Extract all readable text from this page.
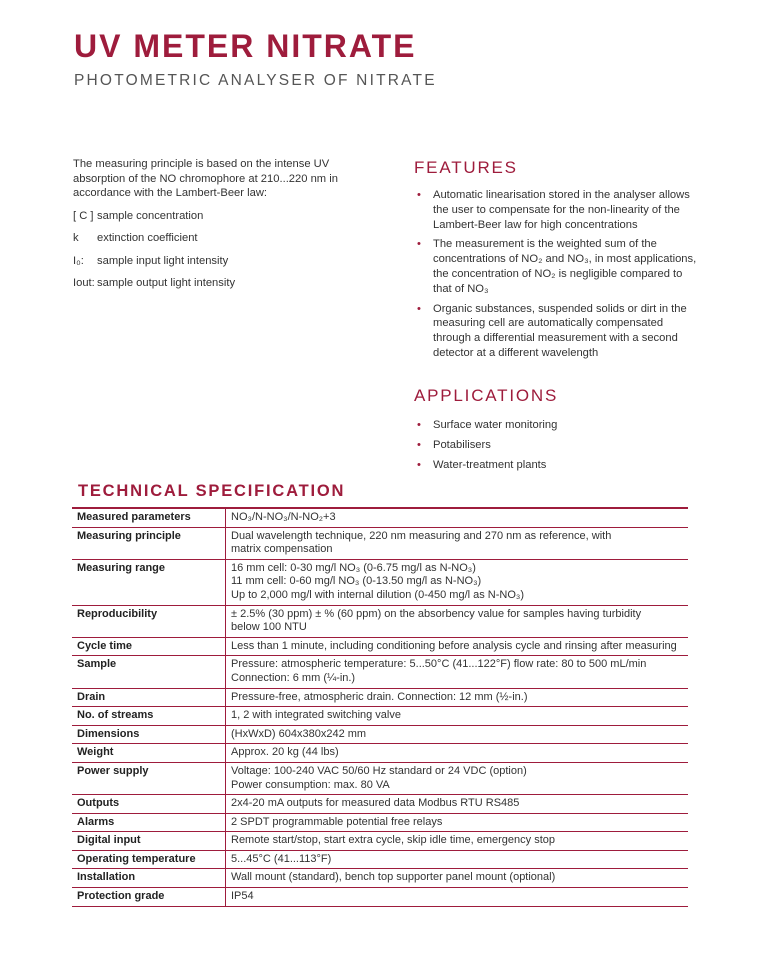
UV METER NITRATE
PHOTOMETRIC ANALYSER OF NITRATE

The measuring principle is based on the intense UV absorption of the NO chromophore at 210...220 nm in accordance with the Lambert-Beer law:

[ C ] sample concentration
k	extinction coefficient
I₀:	sample input light intensity
Iout: sample output light intensity
FEATURES
• Automatic linearisation stored in the analyser allows the user to compensate for the non-linearity of the Lambert-Beer law for high concentrations
• The measurement is the weighted sum of the concentrations of NO₂ and NO₃, in most applications, the concentration of NO₂ is negligible compared to that of NO₃
• Organic substances, suspended solids or dirt in the measuring cell are automatically compensated through a differential measurement with a second detector at a different wavelength
APPLICATIONS
• Surface water monitoring
• Potabilisers
• Water-treatment plants
TECHNICAL SPECIFICATION
Measured parameters	NO₃/N-NO₃/N-NO₂+3

Measuring principle	Dual wavelength technique, 220 nm measuring and 270 nm as reference, with
matrix compensation

Measuring range	16 mm cell: 0-30 mg/l NO₃ (0-6.75 mg/l as N-NO₃)
11 mm cell: 0-60 mg/l NO₃ (0-13.50 mg/l as N-NO₃)
Up to 2,000 mg/l with internal dilution (0-450 mg/l as N-NO₃)

Reproducibility	± 2.5% (30 ppm) ± % (60 ppm) on the absorbency value for samples having turbidity
below 100 NTU

Cycle time	Less than 1 minute, including conditioning before analysis cycle and rinsing after measuring

Sample	Pressure: atmospheric temperature: 5...50°C (41...122°F) flow rate: 80 to 500 mL/min
Connection: 6 mm (¼-in.)

Drain	Pressure-free, atmospheric drain. Connection: 12 mm (½-in.)

No. of streams	1, 2 with integrated switching valve

Dimensions	(HxWxD) 604x380x242 mm

Weight	Approx. 20 kg (44 lbs)

Power supply	Voltage: 100-240 VAC 50/60 Hz standard or 24 VDC (option)
Power consumption: max. 80 VA

Outputs	2x4-20 mA outputs for measured data Modbus RTU RS485

Alarms	2 SPDT programmable potential free relays

Digital input	Remote start/stop, start extra cycle, skip idle time, emergency stop

Operating temperature	5...45°C (41...113°F)

Installation	Wall mount (standard), bench top supporter panel mount (optional)

Protection grade	IP54
